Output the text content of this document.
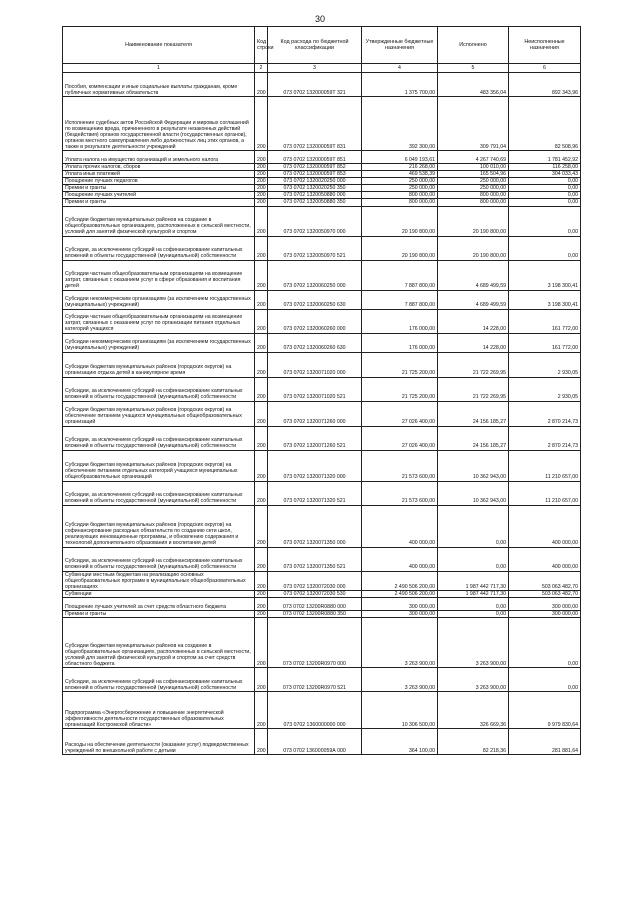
30
Наименование показателя	Код строки	Код расхода по бюджетной классификации	Утвержденные бюджетные назначения	Исполнено	Неисполненные назначения
1	2	3	4	5	6
Пособия, компенсации и иные социальные выплаты гражданам, кроме публичных нормативных обязательств	200	073 0702 132000059Т 321	1 375 700,00	483 356,04	892 343,96
Исполнение судебных актов Российской Федерации и мировых соглашений по возмещению вреда, причиненного в результате незаконных действий (бездействия) органов государственной власти (государственных органов), органов местного самоуправления либо должностных лиц этих органов, а также в результате деятельности учреждений	200	073 0702 132000059Т 831	392 300,00	309 791,04	82 508,96
Уплата налога на имущество организаций и земельного налога	200	073 0702 132000059Т 851	6 049 193,61	4 267 740,69	1 781 452,92
Уплата прочих налогов, сборов	200	073 0702 132000059Т 852	216 268,00	100 010,00	116 258,00
Уплата иных платежей	200	073 0702 132000059Т 853	469 538,39	165 504,96	304 033,43
Поощрение лучших педагогов	200	073 0702 1320020250 000	250 000,00	250 000,00	0,00
Премии и гранты	200	073 0702 1320020250 350	250 000,00	250 000,00	0,00
Поощрение лучших учителей	200	073 0702 1320050880 000	800 000,00	800 000,00	0,00
Премии и гранты	200	073 0702 1320050880 350	800 000,00	800 000,00	0,00
Субсидии бюджетам муниципальных районов на создание в общеобразовательных организациях, расположенных в сельской местности, условий для занятий физической культурой и спортом	200	073 0702 1320050970 000	20 190 800,00	20 190 800,00	0,00
Субсидии, за исключением субсидий на софинансирование капитальных вложений в объекты государственной (муниципальной) собственности	200	073 0702 1320050970 521	20 190 800,00	20 190 800,00	0,00
Субсидии частным общеобразовательным организациям на возмещение затрат, связанных с оказанием услуг в сфере образования и воспитания детей	200	073 0702 1320060250 000	7 887 800,00	4 689 499,59	3 198 300,41
Субсидии некоммерческим организациям (за исключением государственных (муниципальных) учреждений)	200	073 0702 1320060250 630	7 887 800,00	4 689 499,59	3 198 300,41
Субсидии частным общеобразовательным организациям на возмещение затрат, связанных с оказанием услуг по организации питания отдельных категорий учащихся	200	073 0702 1320060260 000	176 000,00	14 228,00	161 772,00
Субсидии некоммерческим организациям (за исключением государственных (муниципальных) учреждений)	200	073 0702 1320060260 630	176 000,00	14 228,00	161 772,00
Субсидии бюджетам муниципальных районов (городских округов) на организацию отдыха детей в каникулярное время	200	073 0702 1320071020 000	21 725 200,00	21 722 269,95	2 930,05
Субсидии, за исключением субсидий на софинансирование капитальных вложений в объекты государственной (муниципальной) собственности	200	073 0702 1320071020 521	21 725 200,00	21 722 269,95	2 930,05
Субсидии бюджетам муниципальных районов (городских округов) на обеспечение питанием учащихся муниципальных общеобразовательных организаций	200	073 0702 1320071260 000	27 026 400,00	24 156 185,27	2 870 214,73
Субсидии, за исключением субсидий на софинансирование капитальных вложений в объекты государственной (муниципальной) собственности	200	073 0702 1320071260 521	27 026 400,00	24 156 185,27	2 870 214,73
Субсидии бюджетам муниципальных районов (городских округов) на обеспечение питанием отдельных категорий учащихся муниципальных общеобразовательных организаций	200	073 0702 1320071320 000	21 573 600,00	10 362 943,00	11 210 657,00
Субсидии, за исключением субсидий на софинансирование капитальных вложений в объекты государственной (муниципальной) собственности	200	073 0702 1320071320 521	21 573 600,00	10 362 943,00	11 210 657,00
Субсидии бюджетам муниципальных районов (городских округов) на софинансирование расходных обязательств по созданию сети школ, реализующих инновационные программы, и обновлению содержания и технологий дополнительного образования и воспитания детей	200	073 0702 1320071350 000	400 000,00	0,00	400 000,00
Субсидии, за исключением субсидий на софинансирование капитальных вложений в объекты государственной (муниципальной) собственности	200	073 0702 1320071350 521	400 000,00	0,00	400 000,00
Субвенции местным бюджетам на реализацию основных общеобразовательных программ в муниципальных общеобразовательных организациях	200	073 0702 1320072030 000	2 490 506 200,00	1 987 442 717,30	503 063 482,70
Субвенции	200	073 0702 1320072030 530	2 490 506 200,00	1 987 442 717,30	503 063 482,70
Поощрение лучших учителей за счет средств областного бюджета	200	073 0702 13200R0880 000	300 000,00	0,00	300 000,00
Премии и гранты	200	073 0702 13200R0880 350	300 000,00	0,00	300 000,00
Субсидии бюджетам муниципальных районов на создание в общеобразовательных организациях, расположенных в сельской местности, условий для занятий физической культурой и спортом за счет средств областного бюджета	200	073 0702 13200R0970 000	3 263 900,00	3 263 900,00	0,00
Субсидии, за исключением субсидий на софинансирование капитальных вложений в объекты государственной (муниципальной) собственности	200	073 0702 13200R0970 521	3 263 900,00	3 263 900,00	0,00
Подпрограмма «Энергосбережение и повышение энергетической эффективности деятельности государственных образовательных организаций Костромской области»	200	073 0702 1360000000 000	10 306 500,00	326 669,36	9 979 830,64
Расходы на обеспечение деятельности (оказание услуг) подведомственных учреждений по внешкольной работе с детьми	200	073 0702 136000059А 000	364 100,00	82 218,36	281 881,64
